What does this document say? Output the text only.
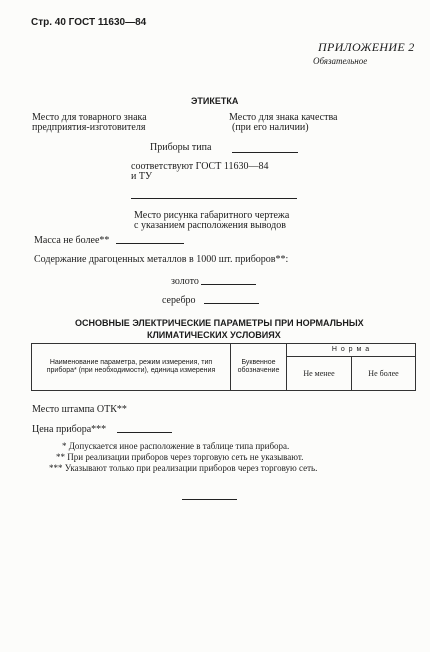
Стр. 40 ГОСТ 11630—84
ПРИЛОЖЕНИЕ 2
Обязательное
ЭТИКЕТКА
Место для товарного знака
предприятия-изготовителя
Место для знака качества
(при его наличии)
Приборы типа
соответствуют ГОСТ 11630—84
и ТУ
Место рисунка габаритного чертежа
с указанием расположения выводов
Масса не более**
Содержание драгоценных металлов в 1000 шт. приборов**:
золото
серебро
ОСНОВНЫЕ ЭЛЕКТРИЧЕСКИЕ ПАРАМЕТРЫ ПРИ НОРМАЛЬНЫХ
КЛИМАТИЧЕСКИХ УСЛОВИЯХ
Наименование параметра, режим измерения, тип прибора* (при необходимости), единица измерения	Буквенное обозначение	Н о р м а	
		Не менее	Не более
Место штампа ОТК**
Цена прибора***
* Допускается иное расположение в таблице типа прибора.
** При реализации приборов через торговую сеть не указывают.
*** Указывают только при реализации приборов через торговую сеть.
